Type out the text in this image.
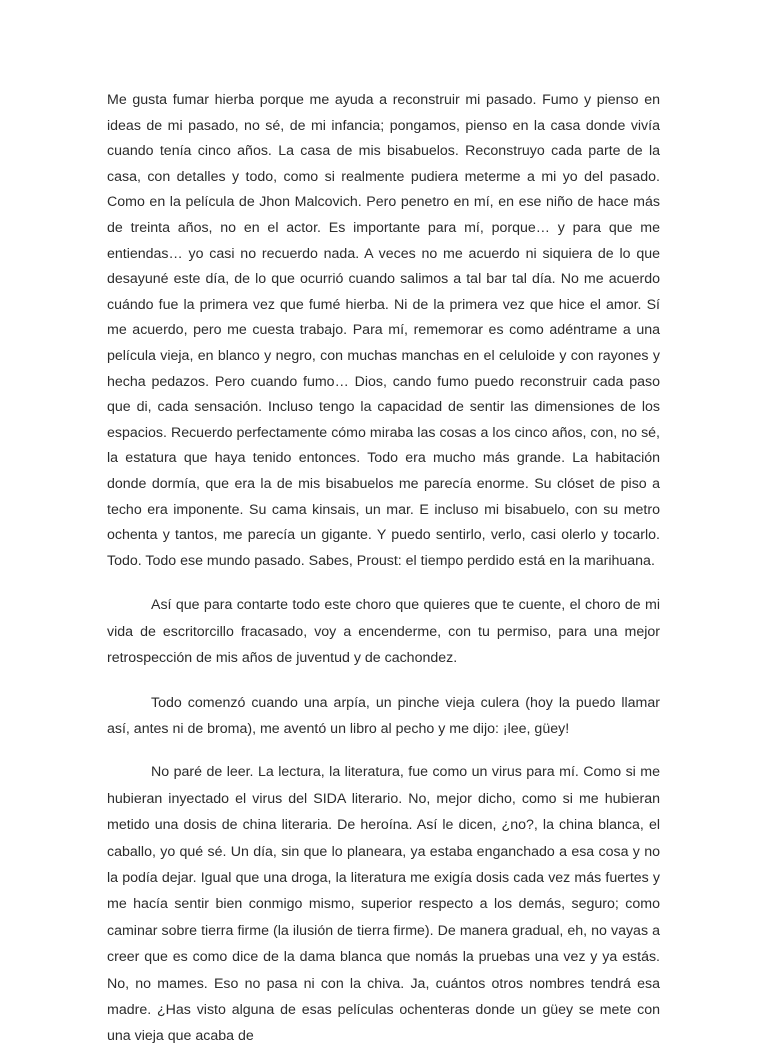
Me gusta fumar hierba porque me ayuda a reconstruir mi pasado. Fumo y pienso en ideas de mi pasado, no sé, de mi infancia; pongamos, pienso en la casa donde vivía cuando tenía cinco años. La casa de mis bisabuelos. Reconstruyo cada parte de la casa, con detalles y todo, como si realmente pudiera meterme a mi yo del pasado. Como en la película de Jhon Malcovich. Pero penetro en mí, en ese niño de hace más de treinta años, no en el actor. Es importante para mí, porque… y para que me entiendas… yo casi no recuerdo nada. A veces no me acuerdo ni siquiera de lo que desayuné este día, de lo que ocurrió cuando salimos a tal bar tal día. No me acuerdo cuándo fue la primera vez que fumé hierba. Ni de la primera vez que hice el amor. Sí me acuerdo, pero me cuesta trabajo. Para mí, rememorar es como adéntrame a una película vieja, en blanco y negro, con muchas manchas en el celuloide y con rayones y hecha pedazos. Pero cuando fumo… Dios, cando fumo puedo reconstruir cada paso que di, cada sensación. Incluso tengo la capacidad de sentir las dimensiones de los espacios. Recuerdo perfectamente cómo miraba las cosas a los cinco años, con, no sé, la estatura que haya tenido entonces. Todo era mucho más grande. La habitación donde dormía, que era la de mis bisabuelos me parecía enorme. Su clóset de piso a techo era imponente. Su cama kinsais, un mar. E incluso mi bisabuelo, con su metro ochenta y tantos, me parecía un gigante. Y puedo sentirlo, verlo, casi olerlo y tocarlo. Todo. Todo ese mundo pasado. Sabes, Proust: el tiempo perdido está en la marihuana.

Así que para contarte todo este choro que quieres que te cuente, el choro de mi vida de escritorcillo fracasado, voy a encenderme, con tu permiso, para una mejor retrospección de mis años de juventud y de cachondez.

Todo comenzó cuando una arpía, un pinche vieja culera (hoy la puedo llamar así, antes ni de broma), me aventó un libro al pecho y me dijo: ¡lee, güey!

No paré de leer. La lectura, la literatura, fue como un virus para mí. Como si me hubieran inyectado el virus del SIDA literario. No, mejor dicho, como si me hubieran metido una dosis de china literaria. De heroína. Así le dicen, ¿no?, la china blanca, el caballo, yo qué sé. Un día, sin que lo planeara, ya estaba enganchado a esa cosa y no la podía dejar. Igual que una droga, la literatura me exigía dosis cada vez más fuertes y me hacía sentir bien conmigo mismo, superior respecto a los demás, seguro; como caminar sobre tierra firme (la ilusión de tierra firme). De manera gradual, eh, no vayas a creer que es como dice de la dama blanca que nomás la pruebas una vez y ya estás. No, no mames. Eso no pasa ni con la chiva. Ja, cuántos otros nombres tendrá esa madre. ¿Has visto alguna de esas películas ochenteras donde un güey se mete con una vieja que acaba de
